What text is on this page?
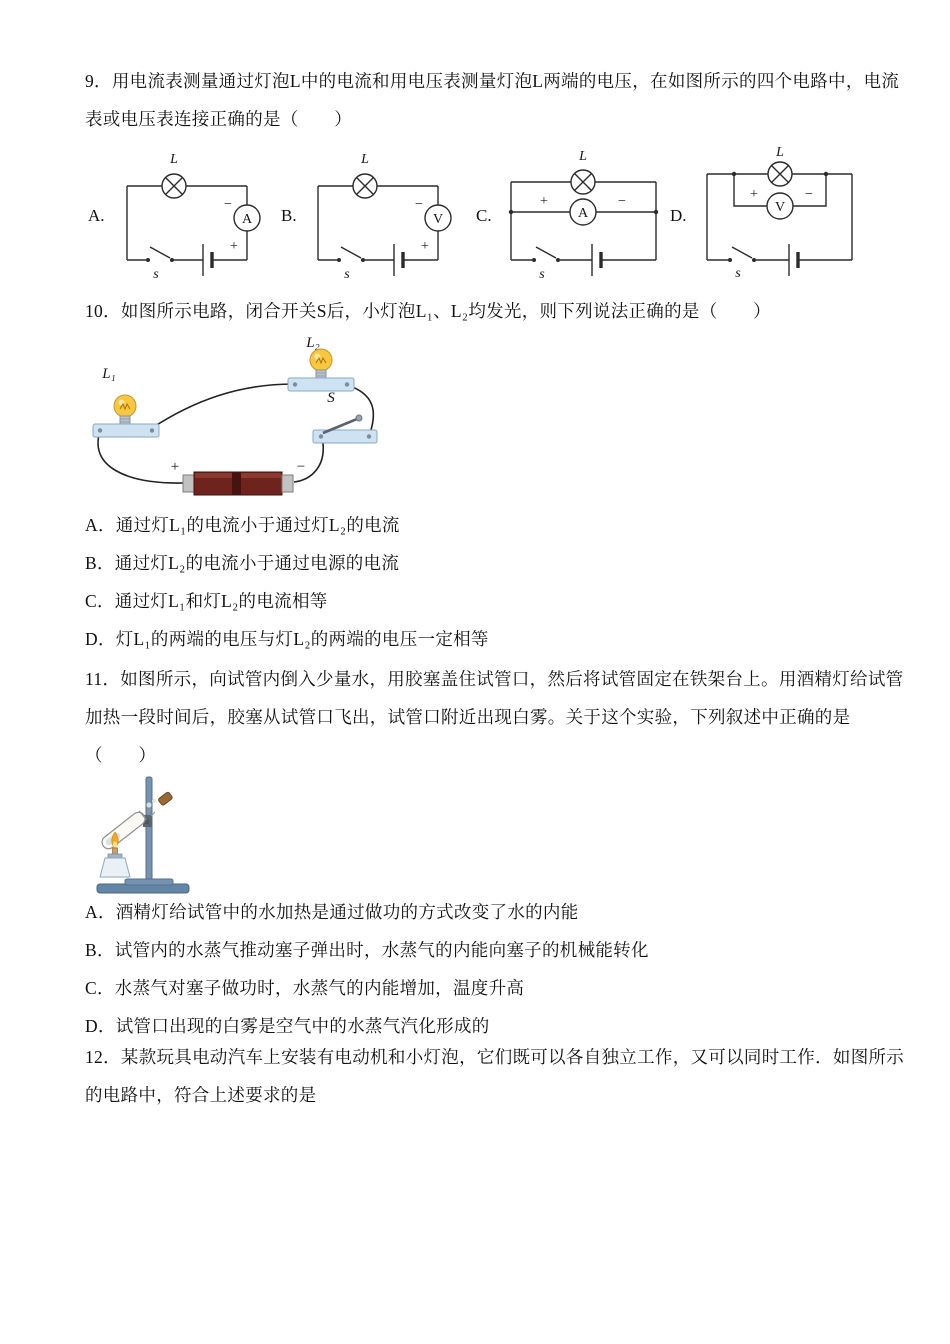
9．用电流表测量通过灯泡L中的电流和用电压表测量灯泡L两端的电压，在如图所示的四个电路中，电流
表或电压表连接正确的是（　　）
A.
L
A
−
+
s
B.
L
V
−
+
s
C.
L
A
+	−
s
D.
L
V
+	−
s
10．如图所示电路，闭合开关S后，小灯泡L₁、L₂均发光，则下列说法正确的是（　　）
L₂
L₁
S
+	−
A．通过灯L₁的电流小于通过灯L₂的电流
B．通过灯L₂的电流小于通过电源的电流
C．通过灯L₁和灯L₂的电流相等
D．灯L₁的两端的电压与灯L₂的两端的电压一定相等
11．如图所示，向试管内倒入少量水，用胶塞盖住试管口，然后将试管固定在铁架台上。用酒精灯给试管
加热一段时间后，胶塞从试管口飞出，试管口附近出现白雾。关于这个实验，下列叙述中正确的是
（　　）
A．酒精灯给试管中的水加热是通过做功的方式改变了水的内能
B．试管内的水蒸气推动塞子弹出时，水蒸气的内能向塞子的机械能转化
C．水蒸气对塞子做功时，水蒸气的内能增加，温度升高
D．试管口出现的白雾是空气中的水蒸气汽化形成的
12．某款玩具电动汽车上安装有电动机和小灯泡，它们既可以各自独立工作，又可以同时工作．如图所示
的电路中，符合上述要求的是
